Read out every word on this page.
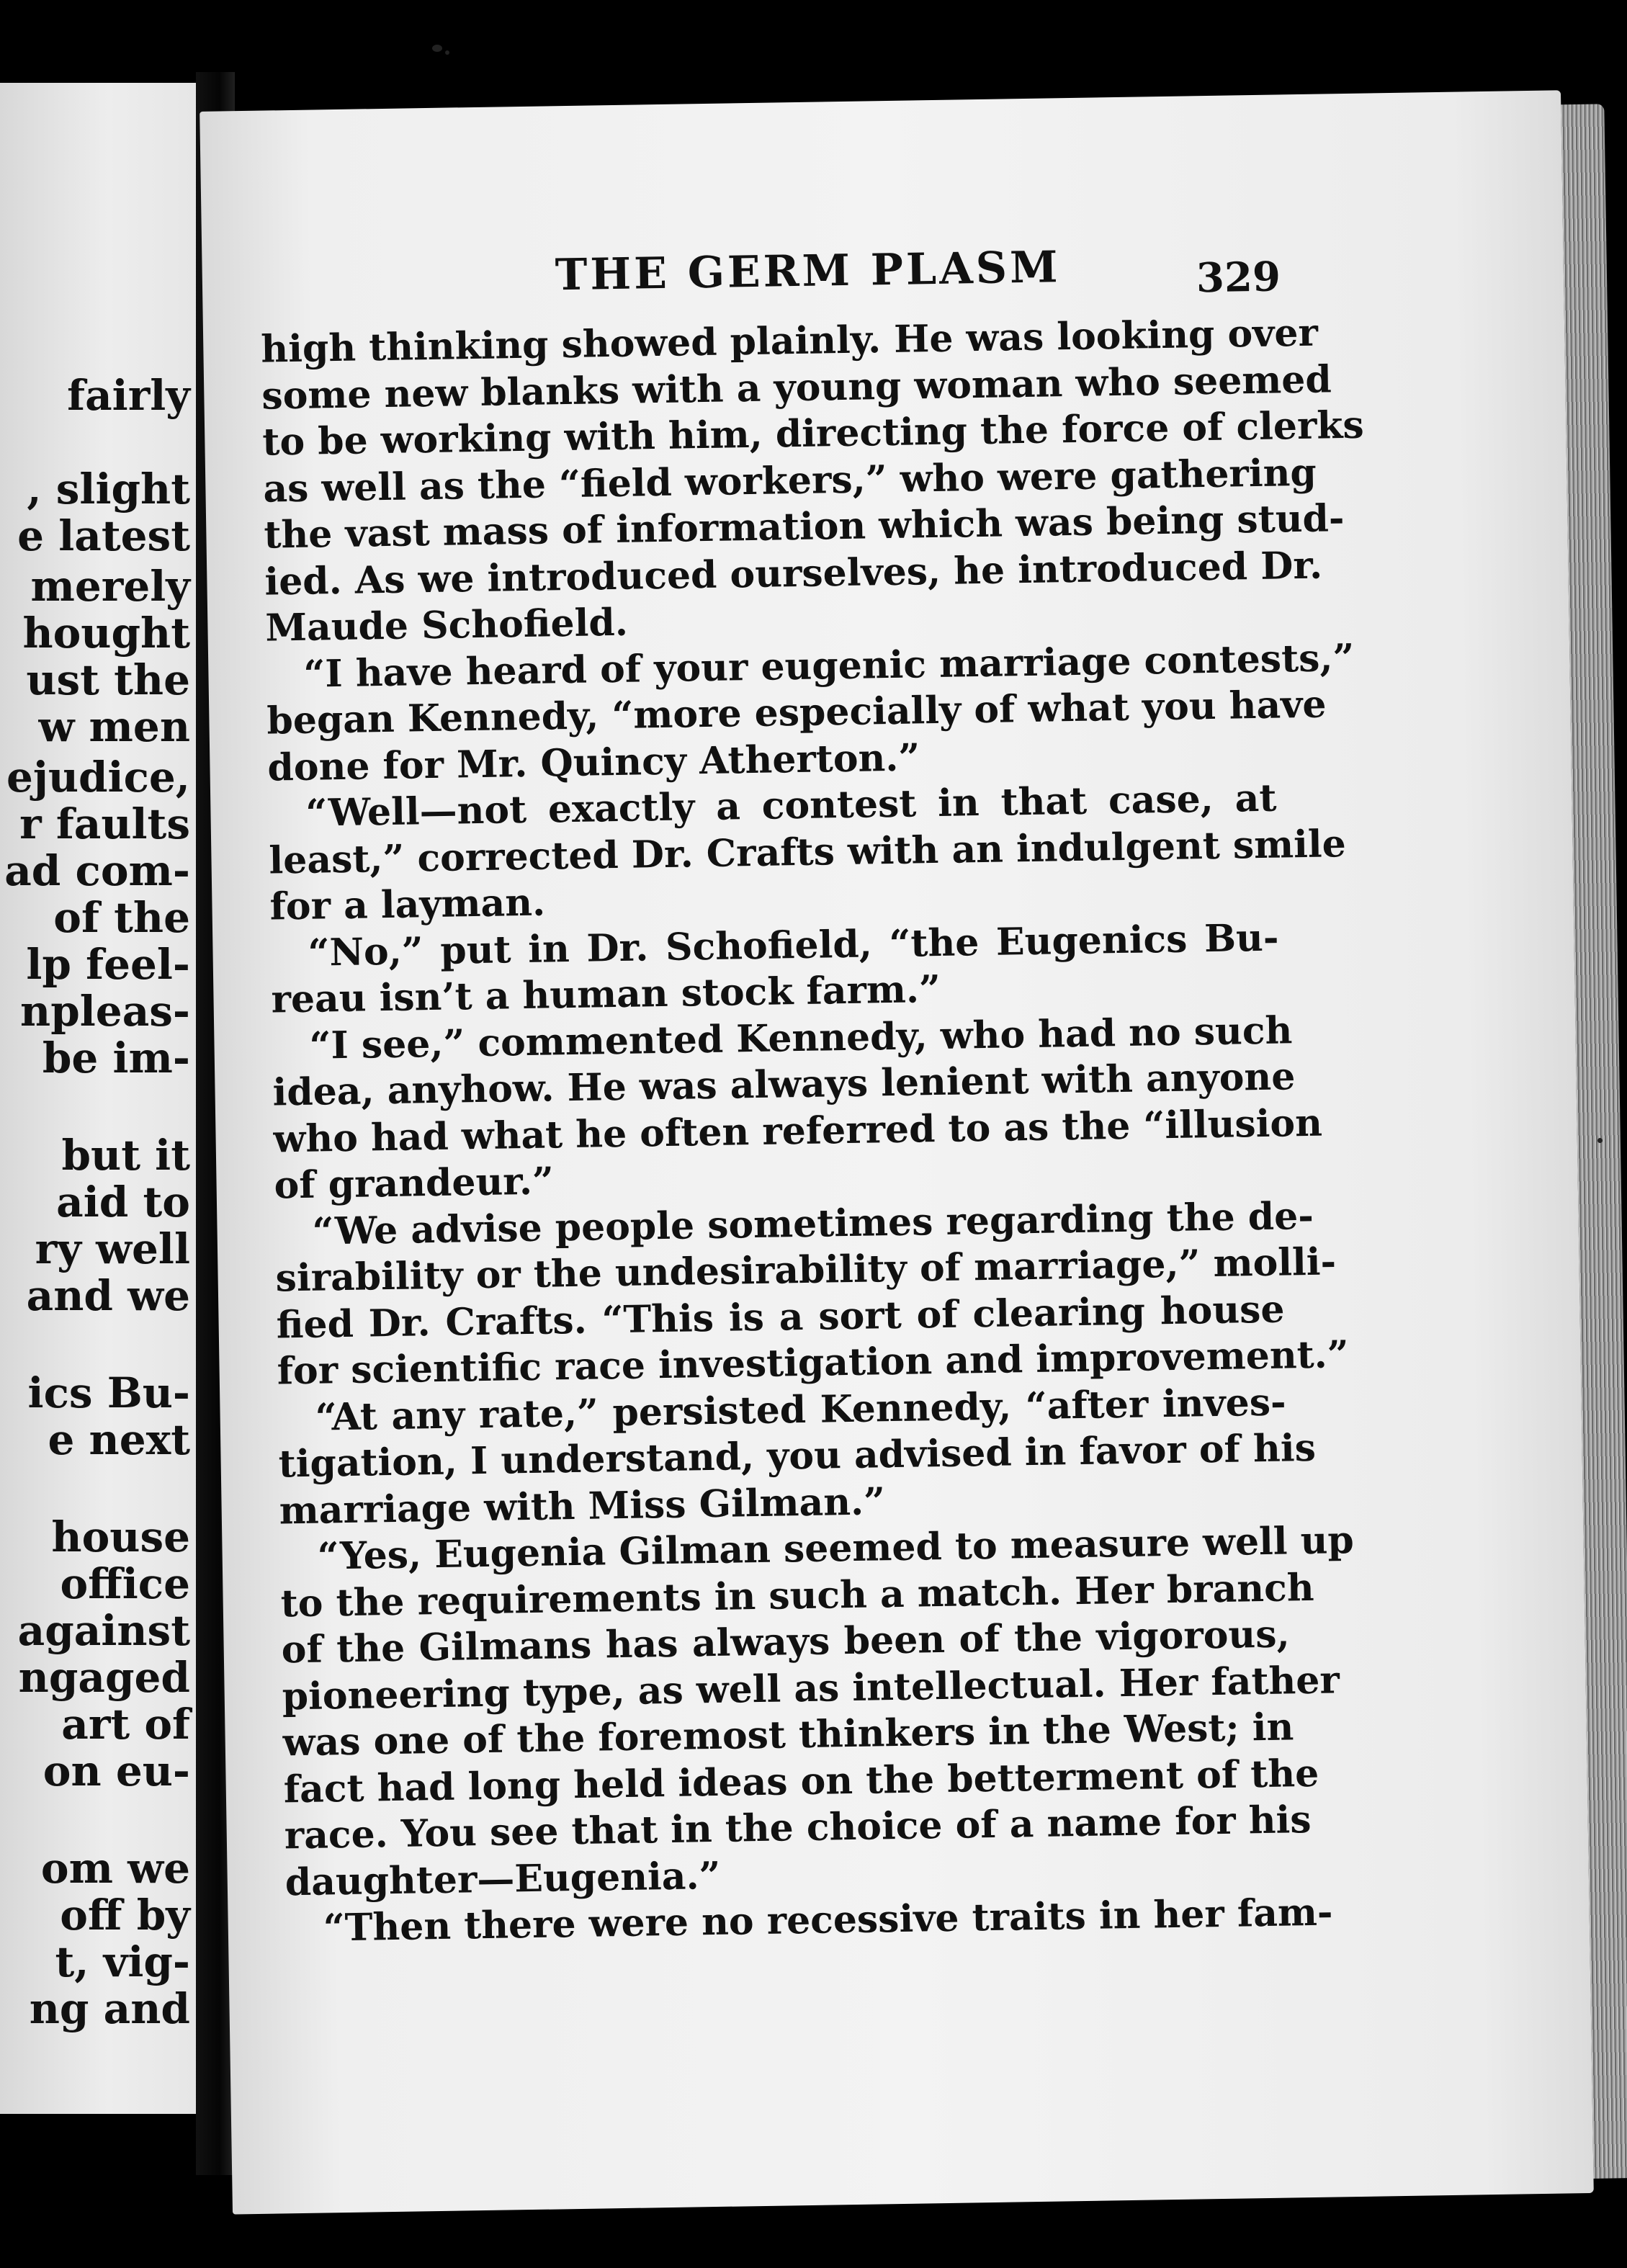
fairly
, slight
e latest
merely
hought
ust the
w men
ejudice,
r faults
ad com-
of the
lp feel-
npleas-
be im-
but it
aid to
ry well
and we
ics Bu-
e next
house
office
against
ngaged
art of
on eu-
om we
off by
t, vig-
ng and
THE GERM PLASM	329
high thinking showed plainly. He was looking over
some new blanks with a young woman who seemed
to be working with him, directing the force of clerks
as well as the “field workers,” who were gathering
the vast mass of information which was being stud-
ied. As we introduced ourselves, he introduced Dr.
Maude Schofield.
“I have heard of your eugenic marriage contests,”
began Kennedy, “more especially of what you have
done for Mr. Quincy Atherton.”
“Well—not exactly a contest in that case, at
least,” corrected Dr. Crafts with an indulgent smile
for a layman.
“No,” put in Dr. Schofield, “the Eugenics Bu-
reau isn’t a human stock farm.”
“I see,” commented Kennedy, who had no such
idea, anyhow. He was always lenient with anyone
who had what he often referred to as the “illusion
of grandeur.”
“We advise people sometimes regarding the de-
sirability or the undesirability of marriage,” molli-
fied Dr. Crafts. “This is a sort of clearing house
for scientific race investigation and improvement.”
“At any rate,” persisted Kennedy, “after inves-
tigation, I understand, you advised in favor of his
marriage with Miss Gilman.”
“Yes, Eugenia Gilman seemed to measure well up
to the requirements in such a match. Her branch
of the Gilmans has always been of the vigorous,
pioneering type, as well as intellectual. Her father
was one of the foremost thinkers in the West; in
fact had long held ideas on the betterment of the
race. You see that in the choice of a name for his
daughter—Eugenia.”
“Then there were no recessive traits in her fam-
